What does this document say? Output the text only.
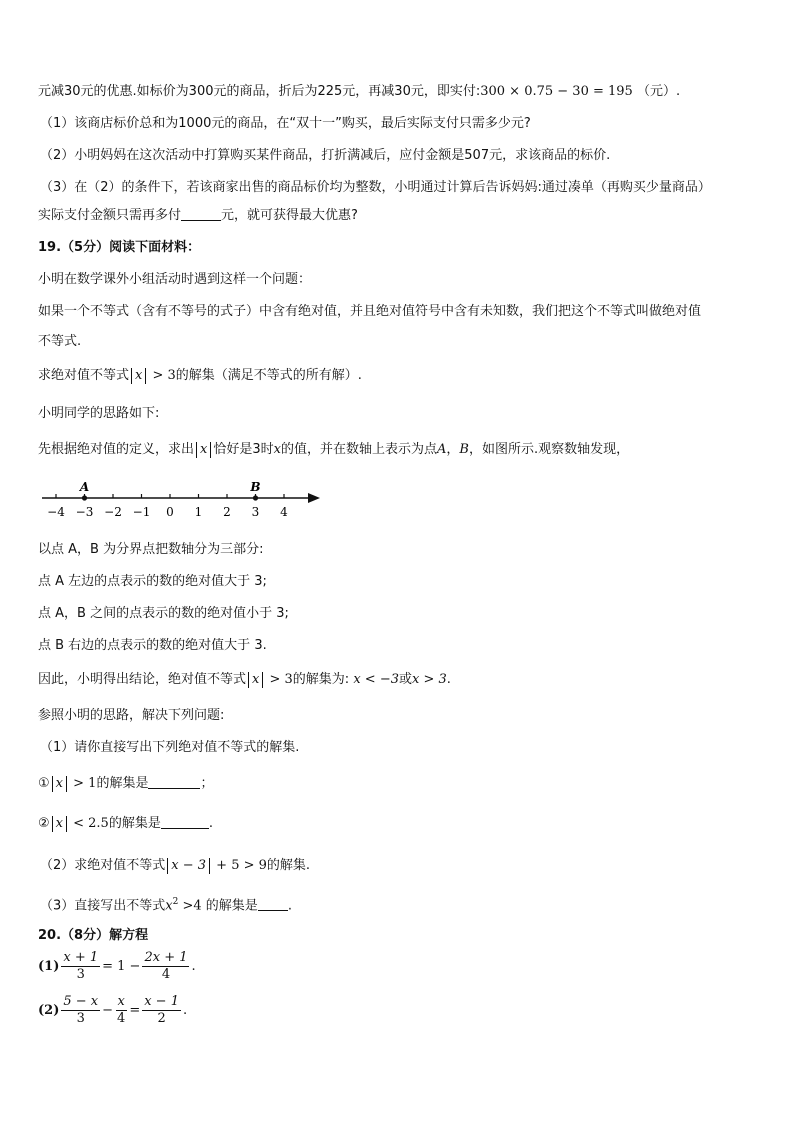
元减30元的优惠.如标价为300元的商品，折后为225元，再减30元，即实付:300 × 0.75 − 30 = 195 （元）.
（1）该商店标价总和为1000元的商品，在“双十一”购买，最后实际支付只需多少元?
（2）小明妈妈在这次活动中打算购买某件商品，打折满减后，应付金额是507元，求该商品的标价.
（3）在（2）的条件下，若该商家出售的商品标价均为整数，小明通过计算后告诉妈妈:通过凑单（再购买少量商品）
实际支付金额只需再多付	元，就可获得最大优惠?
19.（5分）阅读下面材料：
小明在数学课外小组活动时遇到这样一个问题：
如果一个不等式（含有不等号的式子）中含有绝对值，并且绝对值符号中含有未知数，我们把这个不等式叫做绝对值
不等式.
求绝对值不等式 x > 3的解集（满足不等式的所有解）.
小明同学的思路如下:
先根据绝对值的定义，求出 x 恰好是3时x的值，并在数轴上表示为点A，B，如图所示.观察数轴发现，
−4 −3 −2 −1 0 1 2 3 4
A	B
以点 A，B 为分界点把数轴分为三部分:
点 A 左边的点表示的数的绝对值大于 3;
点 A，B 之间的点表示的数的绝对值小于 3;
点 B 右边的点表示的数的绝对值大于 3.
因此，小明得出结论，绝对值不等式 x > 3的解集为: x < −3或x > 3.
参照小明的思路，解决下列问题:
（1）请你直接写出下列绝对值不等式的解集.
① x > 1的解集是	；
② x < 2.5的解集是	.
（2）求绝对值不等式 x − 3 + 5 > 9的解集.
（3）直接写出不等式$x^2 >4$ 的解集是 .
20.（8分）解方程
$(1) \frac{x + 1}{3} = 1 - \frac{2x + 1}{4}$ .
$(2) \frac{5 - x}{3} - \frac{x}{4} = \frac{x - 1}{2}$ .
